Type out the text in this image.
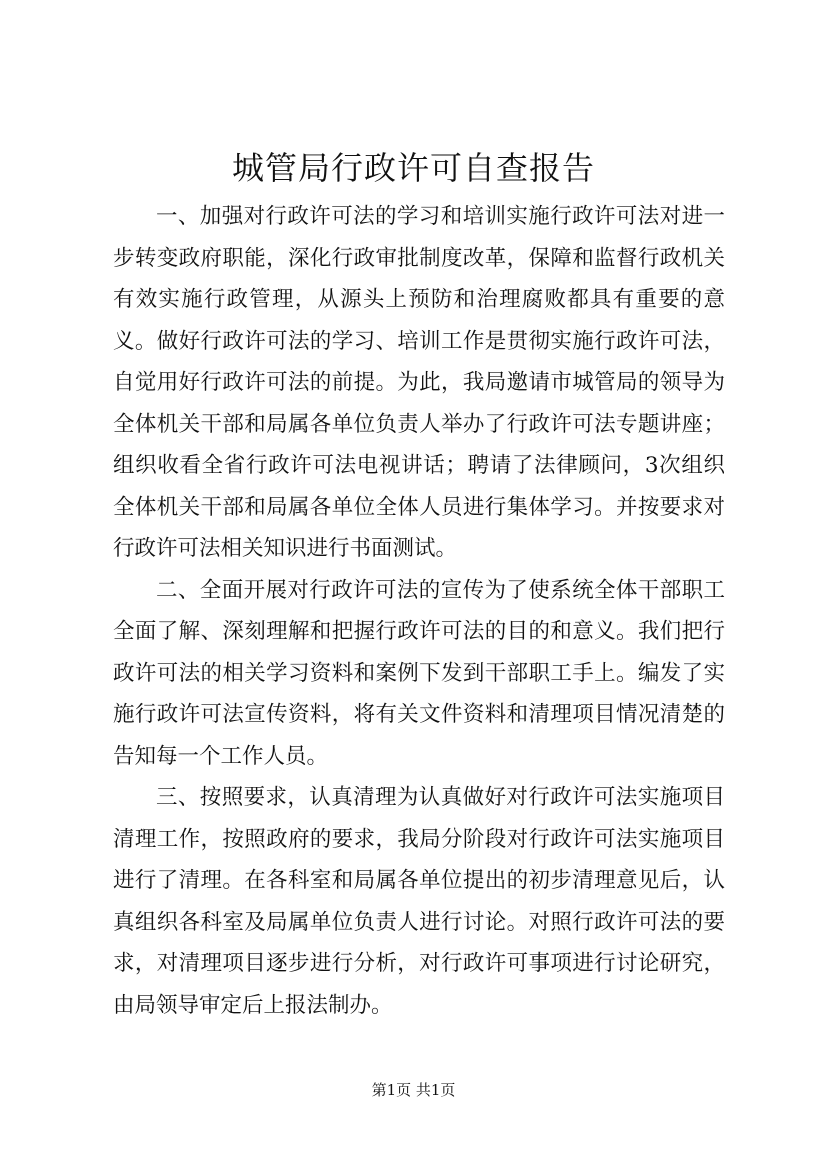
城管局行政许可自查报告

一、加强对行政许可法的学习和培训实施行政许可法对进一步转变政府职能，深化行政审批制度改革，保障和监督行政机关有效实施行政管理，从源头上预防和治理腐败都具有重要的意义。做好行政许可法的学习、培训工作是贯彻实施行政许可法，自觉用好行政许可法的前提。为此，我局邀请市城管局的领导为全体机关干部和局属各单位负责人举办了行政许可法专题讲座；组织收看全省行政许可法电视讲话；聘请了法律顾问，3次组织全体机关干部和局属各单位全体人员进行集体学习。并按要求对行政许可法相关知识进行书面测试。

二、全面开展对行政许可法的宣传为了使系统全体干部职工全面了解、深刻理解和把握行政许可法的目的和意义。我们把行政许可法的相关学习资料和案例下发到干部职工手上。编发了实施行政许可法宣传资料，将有关文件资料和清理项目情况清楚的告知每一个工作人员。

三、按照要求，认真清理为认真做好对行政许可法实施项目清理工作，按照政府的要求，我局分阶段对行政许可法实施项目进行了清理。在各科室和局属各单位提出的初步清理意见后，认真组织各科室及局属单位负责人进行讨论。对照行政许可法的要求，对清理项目逐步进行分析，对行政许可事项进行讨论研究，由局领导审定后上报法制办。

第1页 共1页
